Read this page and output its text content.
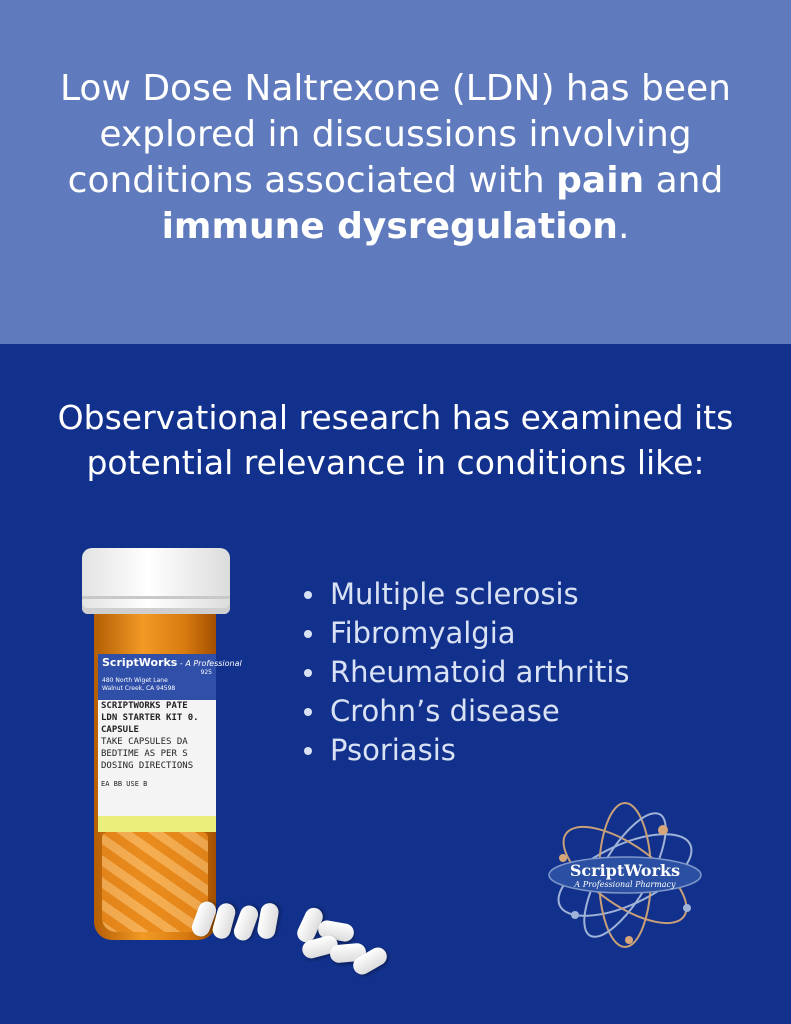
Low Dose Naltrexone (LDN) has been explored in discussions involving conditions associated with pain and immune dysregulation.
Observational research has examined its potential relevance in conditions like:
Multiple sclerosis
Fibromyalgia
Rheumatoid arthritis
Crohn’s disease
Psoriasis
ScriptWorks - A Professional
925
480 North Wiget Lane
Walnut Creek, CA 94598
SCRIPTWORKS PATE
LDN STARTER KIT 0.
CAPSULE
TAKE CAPSULES DA
BEDTIME AS PER S
DOSING DIRECTIONS
EA BB USE B
ScriptWorks
A Professional Pharmacy
